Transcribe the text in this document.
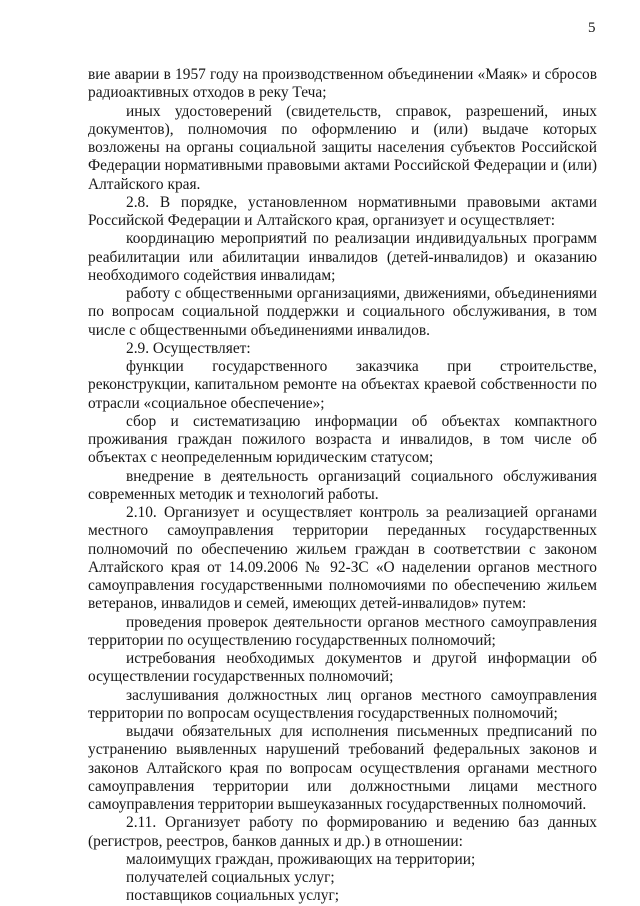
5

вие аварии в 1957 году на производственном объединении «Маяк» и сбросов радиоактивных отходов в реку Теча;

иных удостоверений (свидетельств, справок, разрешений, иных документов), полномочия по оформлению и (или) выдаче которых возложены на органы социальной защиты населения субъектов Российской Федерации нормативными правовыми актами Российской Федерации и (или) Алтайского края.

2.8. В порядке, установленном нормативными правовыми актами Российской Федерации и Алтайского края, организует и осуществляет:

координацию мероприятий по реализации индивидуальных программ реабилитации или абилитации инвалидов (детей-инвалидов) и оказанию необходимого содействия инвалидам;

работу с общественными организациями, движениями, объединениями по вопросам социальной поддержки и социального обслуживания, в том числе с общественными объединениями инвалидов.

2.9. Осуществляет:

функции государственного заказчика при строительстве, реконструкции, капитальном ремонте на объектах краевой собственности по отрасли «социальное обеспечение»;

сбор и систематизацию информации об объектах компактного проживания граждан пожилого возраста и инвалидов, в том числе об объектах с неопределенным юридическим статусом;

внедрение в деятельность организаций социального обслуживания современных методик и технологий работы.

2.10. Организует и осуществляет контроль за реализацией органами местного самоуправления территории переданных государственных полномочий по обеспечению жильем граждан в соответствии с законом Алтайского края от 14.09.2006 № 92-ЗС «О наделении органов местного самоуправления государственными полномочиями по обеспечению жильем ветеранов, инвалидов и семей, имеющих детей-инвалидов» путем:

проведения проверок деятельности органов местного самоуправления территории по осуществлению государственных полномочий;

истребования необходимых документов и другой информации об осуществлении государственных полномочий;

заслушивания должностных лиц органов местного самоуправления территории по вопросам осуществления государственных полномочий;

выдачи обязательных для исполнения письменных предписаний по устранению выявленных нарушений требований федеральных законов и законов Алтайского края по вопросам осуществления органами местного самоуправления территории или должностными лицами местного самоуправления территории вышеуказанных государственных полномочий.

2.11. Организует работу по формированию и ведению баз данных (регистров, реестров, банков данных и др.) в отношении:

малоимущих граждан, проживающих на территории;

получателей социальных услуг;

поставщиков социальных услуг;
